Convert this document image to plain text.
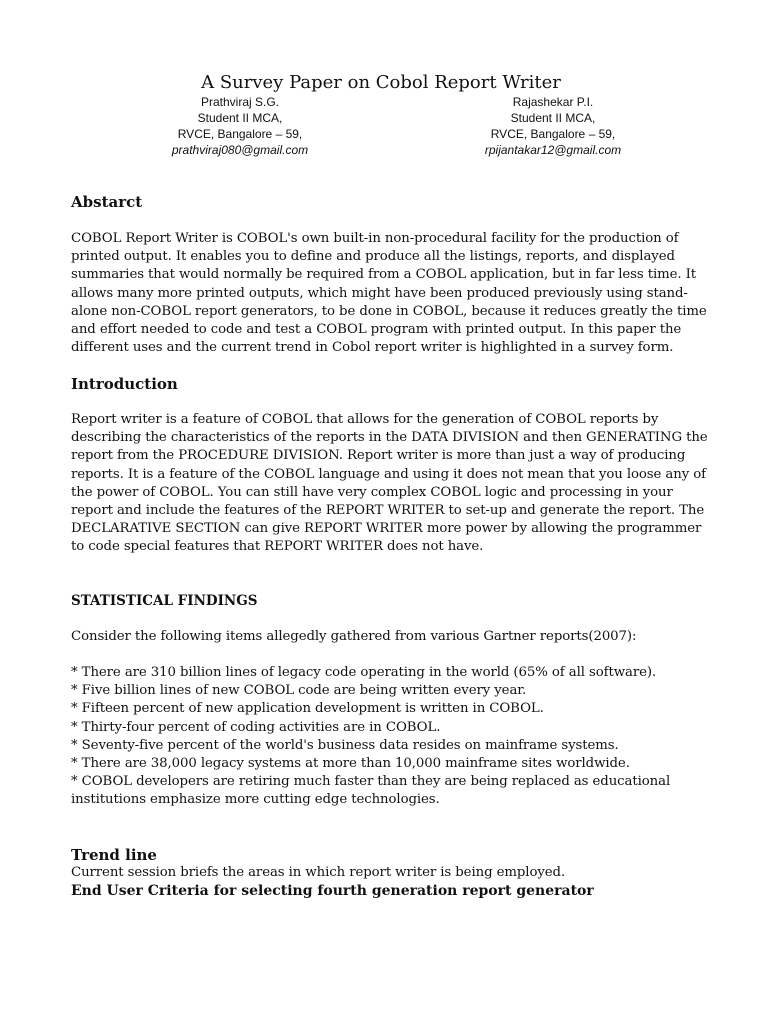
A Survey Paper on Cobol Report Writer
Prathviraj S.G.
Student II MCA,
RVCE, Bangalore – 59,
prathviraj080@gmail.com
Rajashekar P.I.
Student II MCA,
RVCE, Bangalore – 59,
rpijantakar12@gmail.com
Abstarct
COBOL Report Writer is COBOL's own built-in non-procedural facility for the production of
printed output. It enables you to define and produce all the listings, reports, and displayed
summaries that would normally be required from a COBOL application, but in far less time. It
allows many more printed outputs, which might have been produced previously using stand-
alone non-COBOL report generators, to be done in COBOL, because it reduces greatly the time
and effort needed to code and test a COBOL program with printed output. In this paper the
different uses and the current trend in Cobol report writer is highlighted in a survey form.
Introduction
Report writer is a feature of COBOL that allows for the generation of COBOL reports by
describing the characteristics of the reports in the DATA DIVISION and then GENERATING the
report from the PROCEDURE DIVISION. Report writer is more than just a way of producing
reports. It is a feature of the COBOL language and using it does not mean that you loose any of
the power of COBOL. You can still have very complex COBOL logic and processing in your
report and include the features of the REPORT WRITER to set-up and generate the report. The
DECLARATIVE SECTION can give REPORT WRITER more power by allowing the programmer
to code special features that REPORT WRITER does not have.
STATISTICAL FINDINGS
Consider the following items allegedly gathered from various Gartner reports(2007):
* There are 310 billion lines of legacy code operating in the world (65% of all software).
* Five billion lines of new COBOL code are being written every year.
* Fifteen percent of new application development is written in COBOL.
* Thirty-four percent of coding activities are in COBOL.
* Seventy-five percent of the world's business data resides on mainframe systems.
* There are 38,000 legacy systems at more than 10,000 mainframe sites worldwide.
* COBOL developers are retiring much faster than they are being replaced as educational
institutions emphasize more cutting edge technologies.
Trend line
Current session briefs the areas in which report writer is being employed.
End User Criteria for selecting fourth generation report generator
